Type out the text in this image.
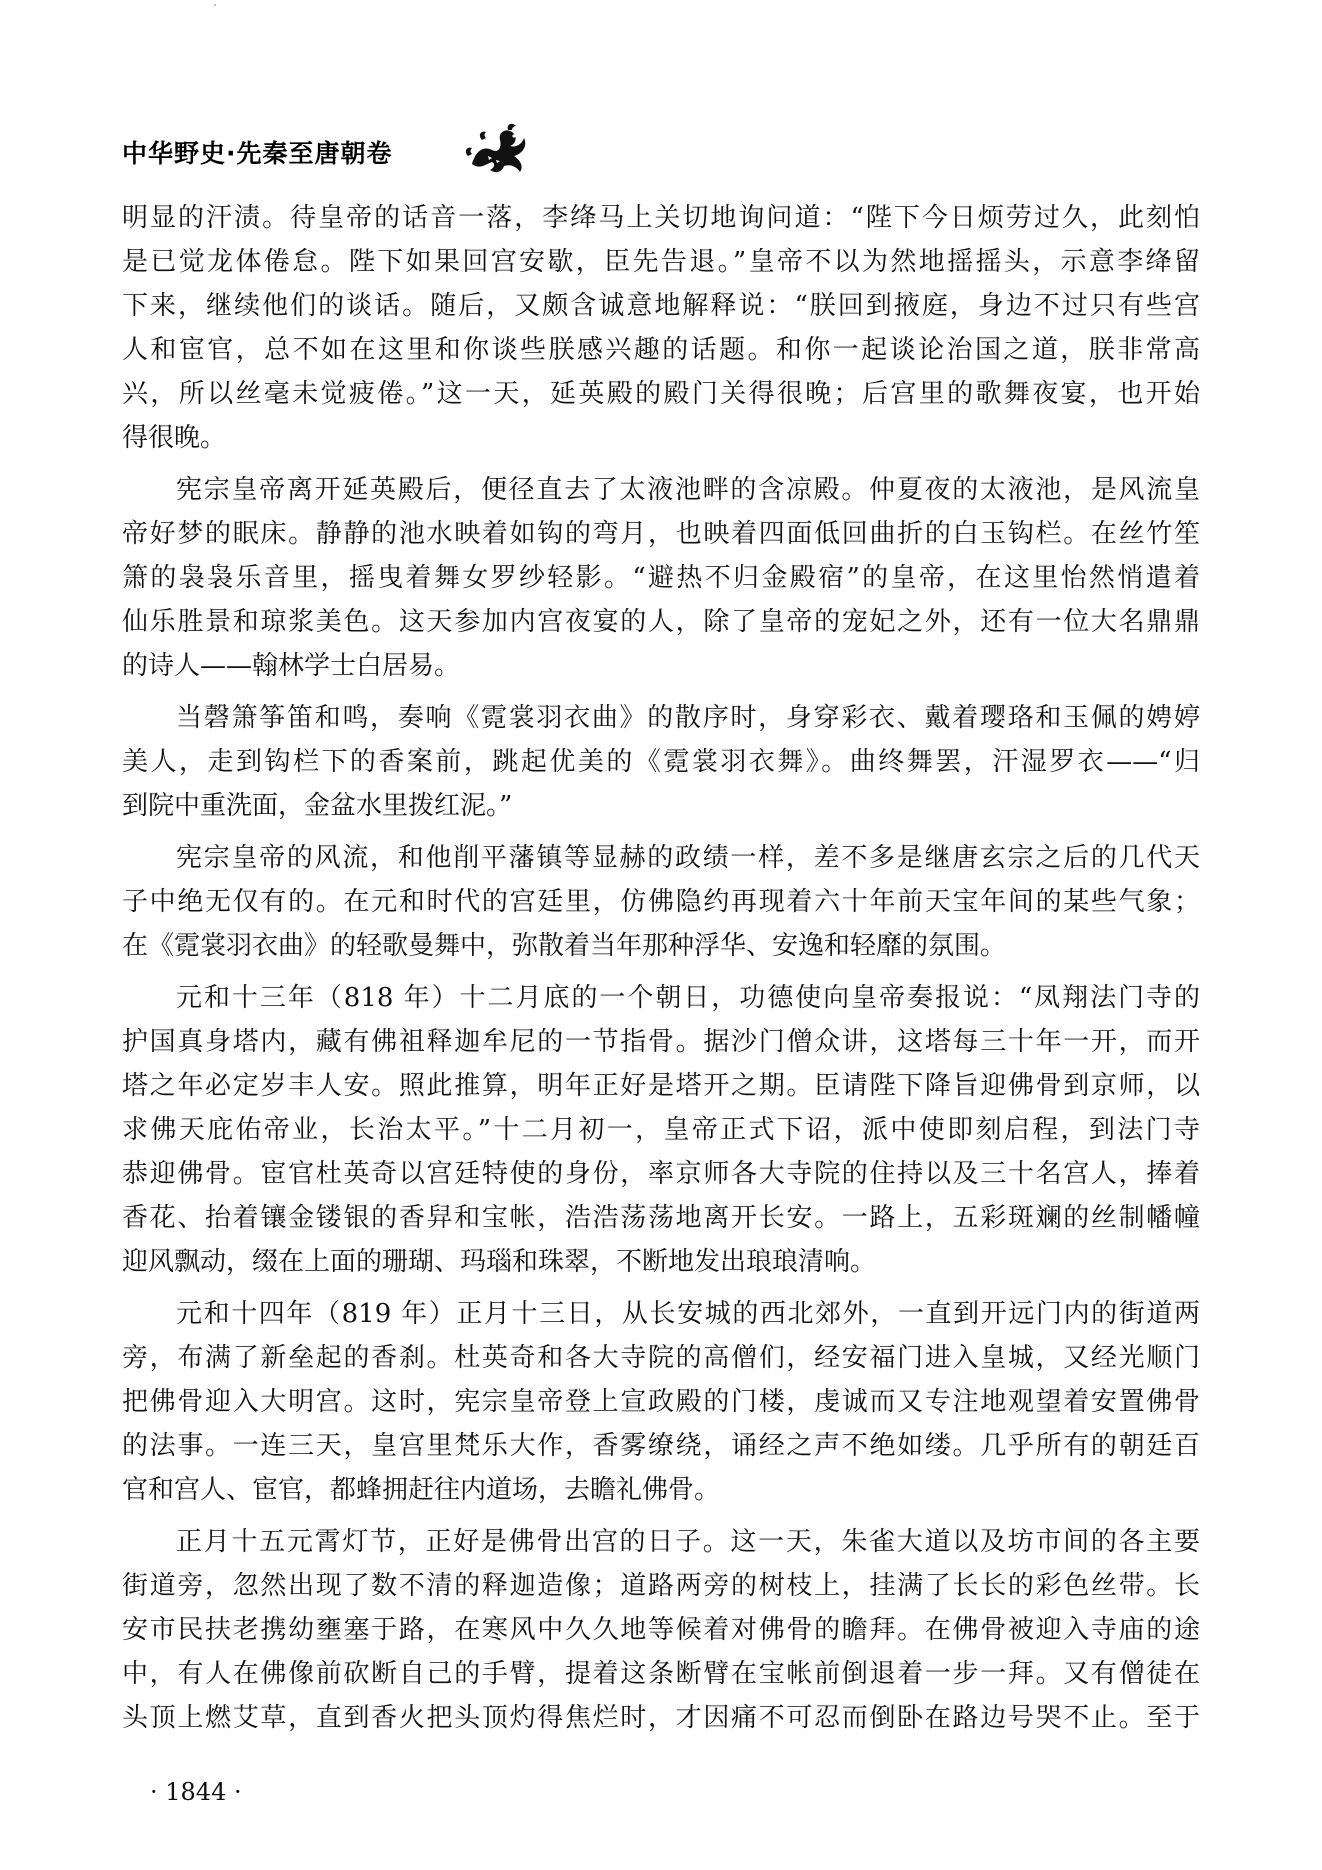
中华野史·先秦至唐朝卷
明显的汗渍。待皇帝的话音一落，李绛马上关切地询问道：“陛下今日烦劳过久，此刻怕
是已觉龙体倦怠。陛下如果回宫安歇，臣先告退。”皇帝不以为然地摇摇头，示意李绛留
下来，继续他们的谈话。随后，又颇含诚意地解释说：“朕回到掖庭，身边不过只有些宫
人和宦官，总不如在这里和你谈些朕感兴趣的话题。和你一起谈论治国之道，朕非常高
兴，所以丝毫未觉疲倦。”这一天，延英殿的殿门关得很晚；后宫里的歌舞夜宴，也开始
得很晚。
宪宗皇帝离开延英殿后，便径直去了太液池畔的含凉殿。仲夏夜的太液池，是风流皇
帝好梦的眠床。静静的池水映着如钩的弯月，也映着四面低回曲折的白玉钩栏。在丝竹笙
箫的袅袅乐音里，摇曳着舞女罗纱轻影。“避热不归金殿宿”的皇帝，在这里怡然悄遣着
仙乐胜景和琼浆美色。这天参加内宫夜宴的人，除了皇帝的宠妃之外，还有一位大名鼎鼎
的诗人——翰林学士白居易。
当磬箫筝笛和鸣，奏响《霓裳羽衣曲》的散序时，身穿彩衣、戴着璎珞和玉佩的娉婷
美人，走到钩栏下的香案前，跳起优美的《霓裳羽衣舞》。曲终舞罢，汗湿罗衣——“归
到院中重洗面，金盆水里拨红泥。”
宪宗皇帝的风流，和他削平藩镇等显赫的政绩一样，差不多是继唐玄宗之后的几代天
子中绝无仅有的。在元和时代的宫廷里，仿佛隐约再现着六十年前天宝年间的某些气象；
在《霓裳羽衣曲》的轻歌曼舞中，弥散着当年那种浮华、安逸和轻靡的氛围。
元和十三年（818 年）十二月底的一个朝日，功德使向皇帝奏报说：“凤翔法门寺的
护国真身塔内，藏有佛祖释迦牟尼的一节指骨。据沙门僧众讲，这塔每三十年一开，而开
塔之年必定岁丰人安。照此推算，明年正好是塔开之期。臣请陛下降旨迎佛骨到京师，以
求佛天庇佑帝业，长治太平。”十二月初一，皇帝正式下诏，派中使即刻启程，到法门寺
恭迎佛骨。宦官杜英奇以宫廷特使的身份，率京师各大寺院的住持以及三十名宫人，捧着
香花、抬着镶金镂银的香舁和宝帐，浩浩荡荡地离开长安。一路上，五彩斑斓的丝制幡幢
迎风飘动，缀在上面的珊瑚、玛瑙和珠翠，不断地发出琅琅清响。
元和十四年（819 年）正月十三日，从长安城的西北郊外，一直到开远门内的街道两
旁，布满了新垒起的香刹。杜英奇和各大寺院的高僧们，经安福门进入皇城，又经光顺门
把佛骨迎入大明宫。这时，宪宗皇帝登上宣政殿的门楼，虔诚而又专注地观望着安置佛骨
的法事。一连三天，皇宫里梵乐大作，香雾缭绕，诵经之声不绝如缕。几乎所有的朝廷百
官和宫人、宦官，都蜂拥赶往内道场，去瞻礼佛骨。
正月十五元霄灯节，正好是佛骨出宫的日子。这一天，朱雀大道以及坊市间的各主要
街道旁，忽然出现了数不清的释迦造像；道路两旁的树枝上，挂满了长长的彩色丝带。长
安市民扶老携幼壅塞于路，在寒风中久久地等候着对佛骨的瞻拜。在佛骨被迎入寺庙的途
中，有人在佛像前砍断自己的手臂，提着这条断臂在宝帐前倒退着一步一拜。又有僧徒在
头顶上燃艾草，直到香火把头顶灼得焦烂时，才因痛不可忍而倒卧在路边号哭不止。至于
· 1844 ·
